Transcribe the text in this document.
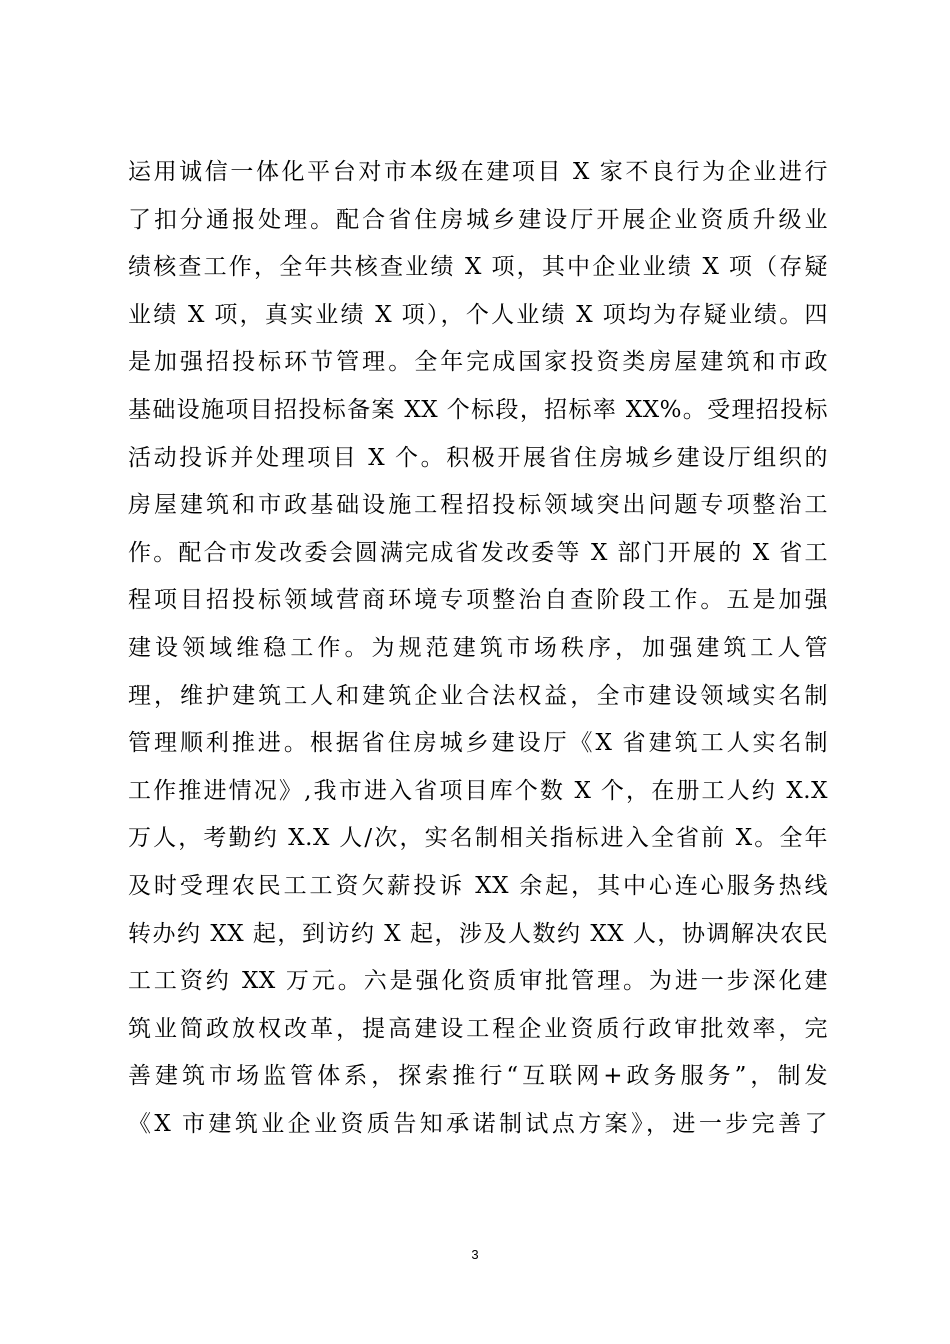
运用诚信一体化平台对市本级在建项目 X 家不良行为企业进行
了扣分通报处理。配合省住房城乡建设厅开展企业资质升级业
绩核查工作，全年共核查业绩 X 项，其中企业业绩 X 项（存疑
业绩 X 项，真实业绩 X 项），个人业绩 X 项均为存疑业绩。四
是加强招投标环节管理。全年完成国家投资类房屋建筑和市政
基础设施项目招投标备案 XX 个标段，招标率 XX%。受理招投标
活动投诉并处理项目 X 个。积极开展省住房城乡建设厅组织的
房屋建筑和市政基础设施工程招投标领域突出问题专项整治工
作。配合市发改委会圆满完成省发改委等 X 部门开展的 X 省工
程项目招投标领域营商环境专项整治自查阶段工作。五是加强
建设领域维稳工作。为规范建筑市场秩序，加强建筑工人管
理，维护建筑工人和建筑企业合法权益，全市建设领域实名制
管理顺利推进。根据省住房城乡建设厅《X 省建筑工人实名制
工作推进情况》,我市进入省项目库个数 X 个，在册工人约 X.X
万人，考勤约 X.X 人/次，实名制相关指标进入全省前 X。全年
及时受理农民工工资欠薪投诉 XX 余起，其中心连心服务热线
转办约 XX 起，到访约 X 起，涉及人数约 XX 人，协调解决农民
工工资约 XX 万元。六是强化资质审批管理。为进一步深化建
筑业简政放权改革，提高建设工程企业资质行政审批效率，完
善建筑市场监管体系，探索推行“互联网+政务服务”，制发
《X 市建筑业企业资质告知承诺制试点方案》，进一步完善了
3
